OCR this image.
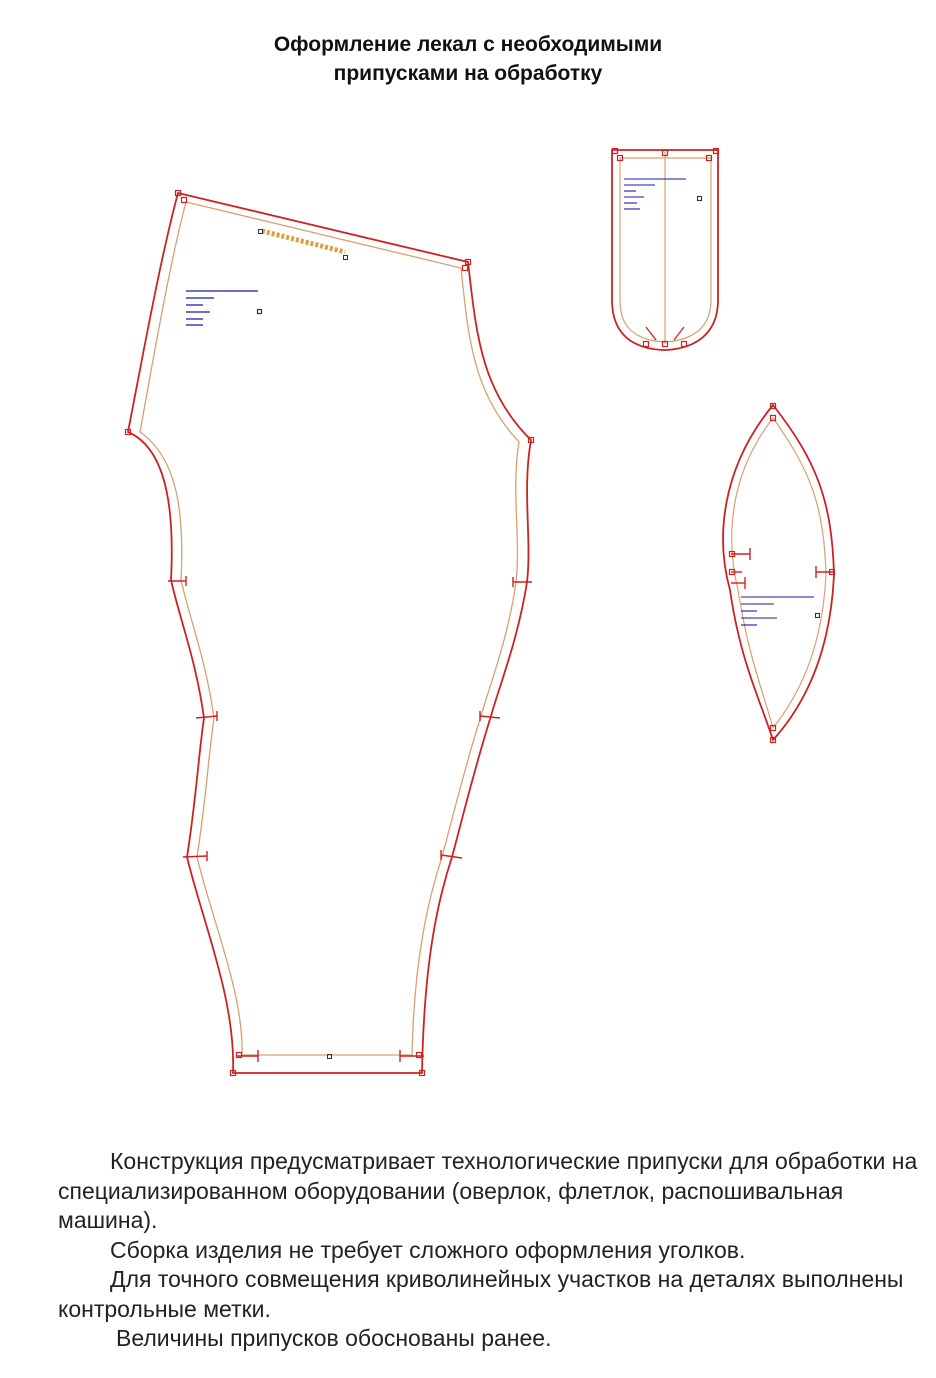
Оформление лекал с необходимыми
припусками на обработку

Конструкция предусматривает технологические припуски для обработки на специализированном оборудовании (оверлок, флетлок, распошивальная машина).

Сборка изделия не требует сложного оформления уголков.

Для точного совмещения криволинейных участков на деталях выполнены контрольные метки.

Величины припусков обоснованы ранее.
